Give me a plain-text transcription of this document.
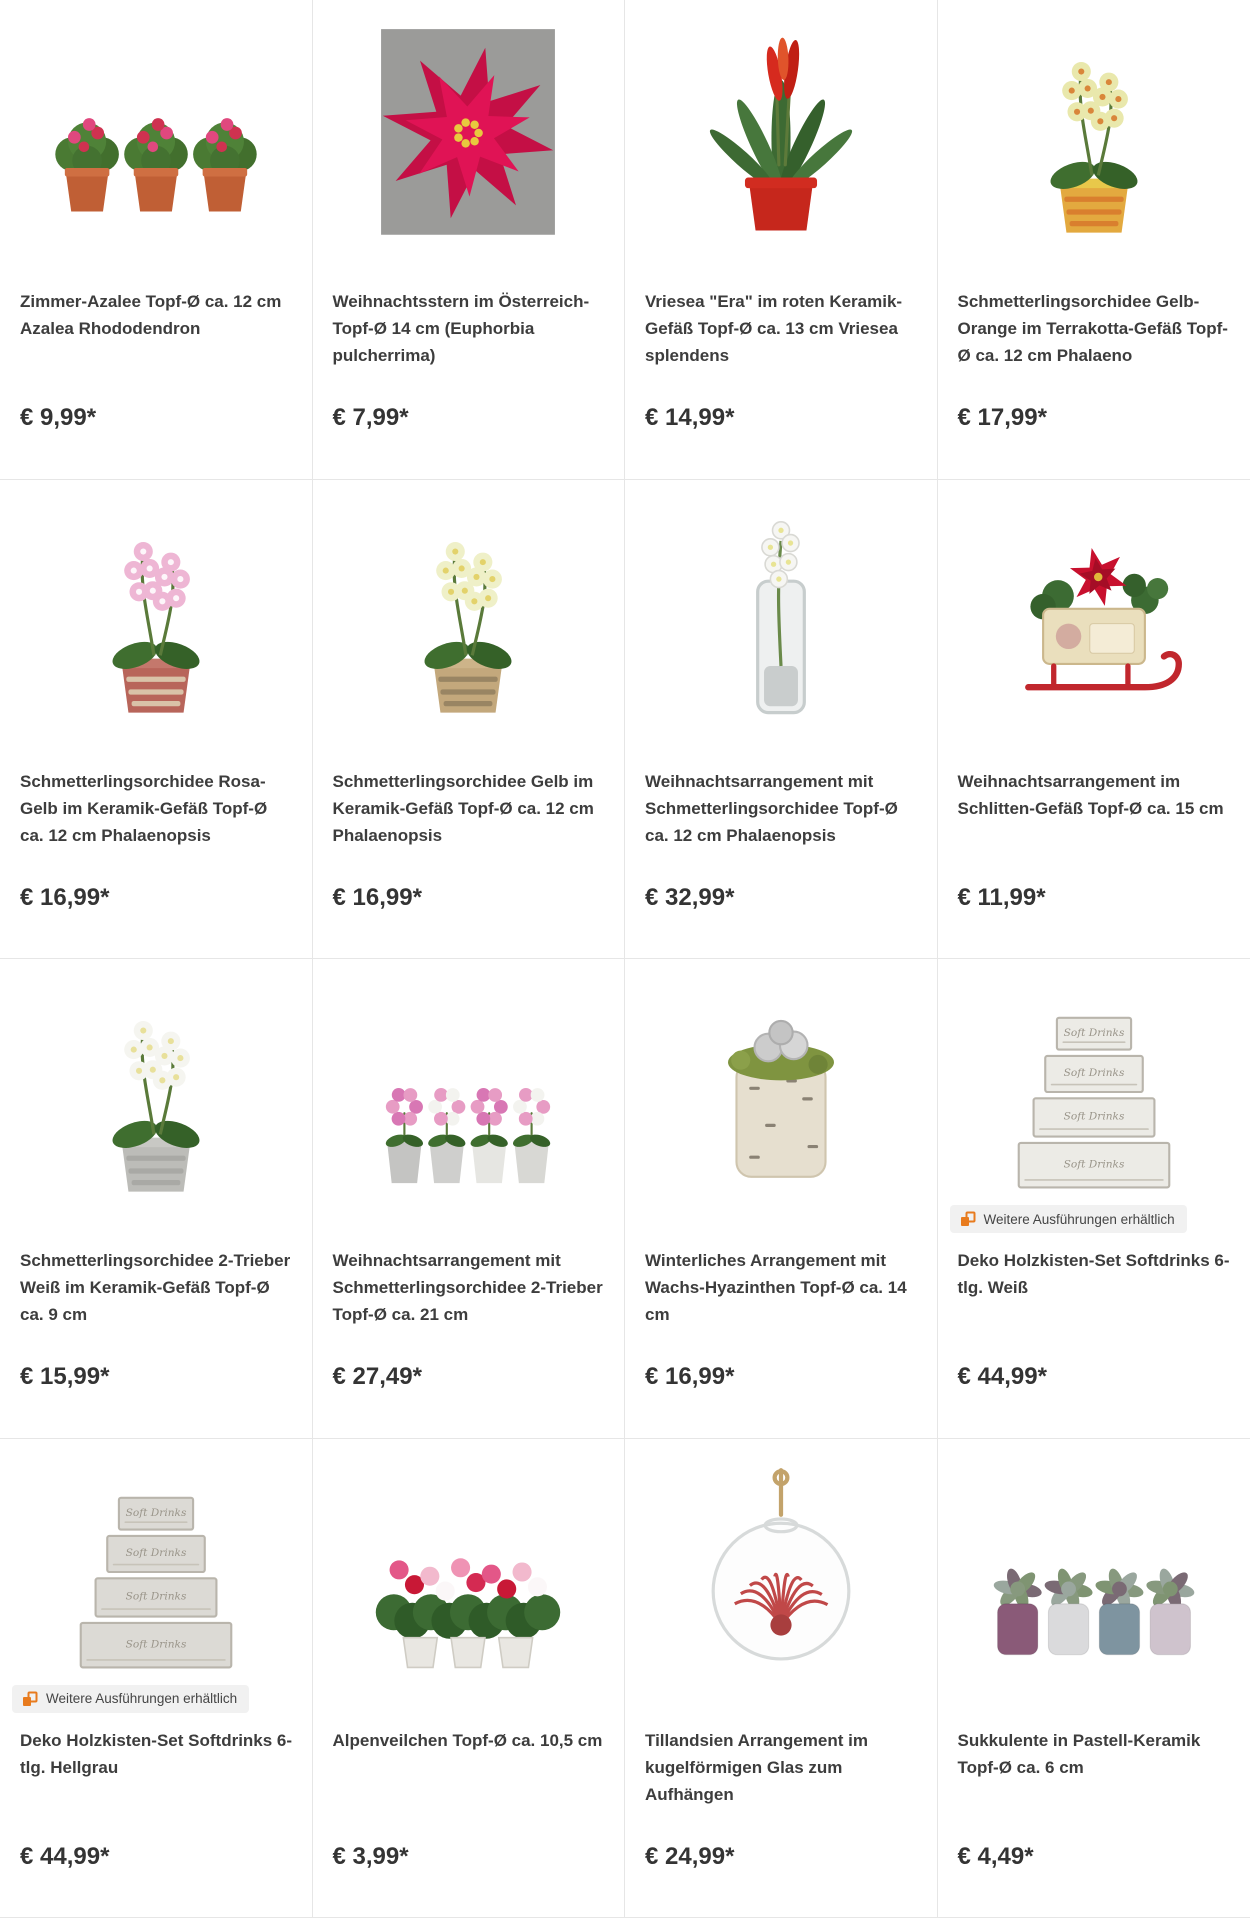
Zimmer-Azalee Topf-Ø ca. 12 cm Azalea Rhododendron
€ 9,99*
Weihnachtsstern im Österreich-Topf-Ø 14 cm (Euphorbia pulcherrima)
€ 7,99*
Vriesea "Era" im roten Keramik-Gefäß Topf-Ø ca. 13 cm Vriesea splendens
€ 14,99*
Schmetterlingsorchidee Gelb-Orange im Terrakotta-Gefäß Topf-Ø ca. 12 cm Phalaeno
€ 17,99*
Schmetterlingsorchidee Rosa-Gelb im Keramik-Gefäß Topf-Ø ca. 12 cm Phalaenopsis
€ 16,99*
Schmetterlingsorchidee Gelb im Keramik-Gefäß Topf-Ø ca. 12 cm Phalaenopsis
€ 16,99*
Weihnachtsarrangement mit Schmetterlingsorchidee Topf-Ø ca. 12 cm Phalaenopsis
€ 32,99*
Weihnachtsarrangement im Schlitten-Gefäß Topf-Ø ca. 15 cm
€ 11,99*
Schmetterlingsorchidee 2-Trieber Weiß im Keramik-Gefäß Topf-Ø ca. 9 cm
€ 15,99*
Weihnachtsarrangement mit Schmetterlingsorchidee 2-Trieber Topf-Ø ca. 21 cm
€ 27,49*
Winterliches Arrangement mit Wachs-Hyazinthen Topf-Ø ca. 14 cm
€ 16,99*
Soft Drinks
Soft Drinks
Soft Drinks
Soft Drinks
Weitere Ausführungen erhältlich
Deko Holzkisten-Set Softdrinks 6-tlg. Weiß
€ 44,99*
Soft Drinks
Soft Drinks
Soft Drinks
Soft Drinks
Weitere Ausführungen erhältlich
Deko Holzkisten-Set Softdrinks 6-tlg. Hellgrau
€ 44,99*
Alpenveilchen Topf-Ø ca. 10,5 cm
€ 3,99*
Tillandsien Arrangement im kugelförmigen Glas zum Aufhängen
€ 24,99*
Sukkulente in Pastell-Keramik Topf-Ø ca. 6 cm
€ 4,49*
